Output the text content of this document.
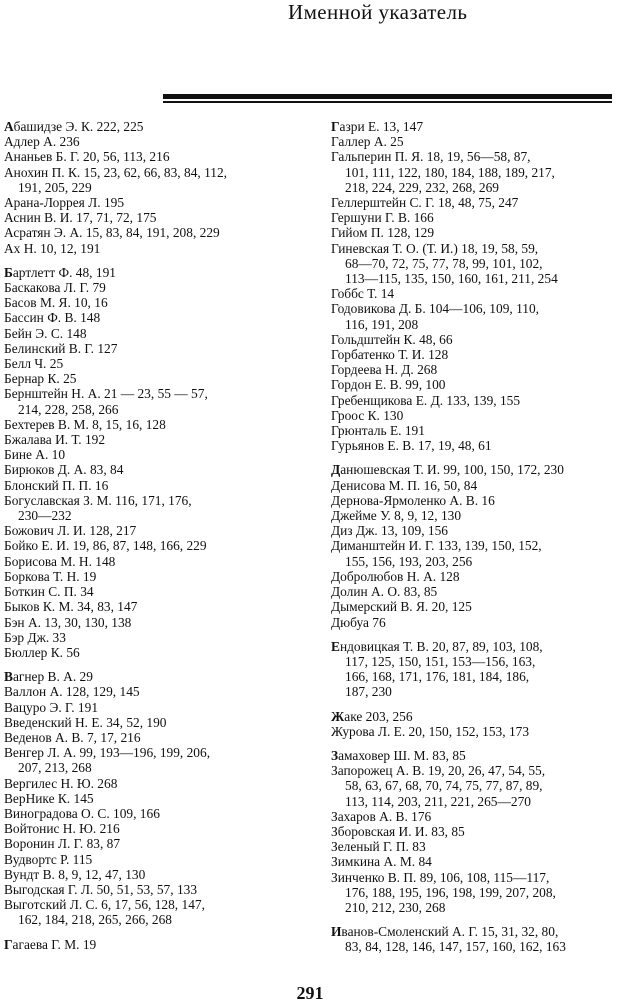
Именной указатель
Абашидзе Э. К. 222, 225
Адлер А. 236
Ананьев Б. Г. 20, 56, 113, 216
Анохин П. К. 15, 23, 62, 66, 83, 84, 112,
191, 205, 229
Арана-Лоррея Л. 195
Аснин В. И. 17, 71, 72, 175
Асратян Э. А. 15, 83, 84, 191, 208, 229
Ах Н. 10, 12, 191
Бартлетт Ф. 48, 191
Баскакова Л. Г. 79
Басов М. Я. 10, 16
Бассин Ф. В. 148
Бейн Э. С. 148
Белинский В. Г. 127
Белл Ч. 25
Бернар К. 25
Бернштейн Н. А. 21 — 23, 55 — 57,
214, 228, 258, 266
Бехтерев В. М. 8, 15, 16, 128
Бжалава И. Т. 192
Бине А. 10
Бирюков Д. А. 83, 84
Блонский П. П. 16
Богуславская З. М. 116, 171, 176,
230—232
Божович Л. И. 128, 217
Бойко Е. И. 19, 86, 87, 148, 166, 229
Борисова М. Н. 148
Боркова Т. Н. 19
Боткин С. П. 34
Быков К. М. 34, 83, 147
Бэн А. 13, 30, 130, 138
Бэр Дж. 33
Бюллер К. 56
Вагнер В. А. 29
Валлон А. 128, 129, 145
Вацуро Э. Г. 191
Введенский Н. Е. 34, 52, 190
Веденов А. В. 7, 17, 216
Венгер Л. А. 99, 193—196, 199, 206,
207, 213, 268
Вергилес Н. Ю. 268
ВерНике К. 145
Виноградова О. С. 109, 166
Войтонис Н. Ю. 216
Воронин Л. Г. 83, 87
Вудвортс Р. 115
Вундт В. 8, 9, 12, 47, 130
Выгодская Г. Л. 50, 51, 53, 57, 133
Выготский Л. С. 6, 17, 56, 128, 147,
162, 184, 218, 265, 266, 268
Гагаева Г. М. 19
Газри Е. 13, 147
Галлер А. 25
Гальперин П. Я. 18, 19, 56—58, 87,
101, 111, 122, 180, 184, 188, 189, 217,
218, 224, 229, 232, 268, 269
Геллерштейн С. Г. 18, 48, 75, 247
Гершуни Г. В. 166
Гийом П. 128, 129
Гиневская Т. О. (Т. И.) 18, 19, 58, 59,
68—70, 72, 75, 77, 78, 99, 101, 102,
113—115, 135, 150, 160, 161, 211, 254
Гоббс Т. 14
Годовикова Д. Б. 104—106, 109, 110,
116, 191, 208
Гольдштейн К. 48, 66
Горбатенко Т. И. 128
Гордеева Н. Д. 268
Гордон Е. В. 99, 100
Гребенщикова Е. Д. 133, 139, 155
Гроос К. 130
Грюнталь Е. 191
Гурьянов Е. В. 17, 19, 48, 61
Данюшевская Т. И. 99, 100, 150, 172, 230
Денисова М. П. 16, 50, 84
Дернова-Ярмоленко А. В. 16
Джейме У. 8, 9, 12, 130
Диз Дж. 13, 109, 156
Диманштейн И. Г. 133, 139, 150, 152,
155, 156, 193, 203, 256
Добролюбов Н. А. 128
Долин А. О. 83, 85
Дымерский В. Я. 20, 125
Дюбуа 76
Ендовицкая Т. В. 20, 87, 89, 103, 108,
117, 125, 150, 151, 153—156, 163,
166, 168, 171, 176, 181, 184, 186,
187, 230
Жаке 203, 256
Журова Л. Е. 20, 150, 152, 153, 173
Замаховер Ш. М. 83, 85
Запорожец А. В. 19, 20, 26, 47, 54, 55,
58, 63, 67, 68, 70, 74, 75, 77, 87, 89,
113, 114, 203, 211, 221, 265—270
Захаров А. В. 176
Зборовская И. И. 83, 85
Зеленый Г. П. 83
Зимкина А. М. 84
Зинченко В. П. 89, 106, 108, 115—117,
176, 188, 195, 196, 198, 199, 207, 208,
210, 212, 230, 268
Иванов-Смоленский А. Г. 15, 31, 32, 80,
83, 84, 128, 146, 147, 157, 160, 162, 163
291
